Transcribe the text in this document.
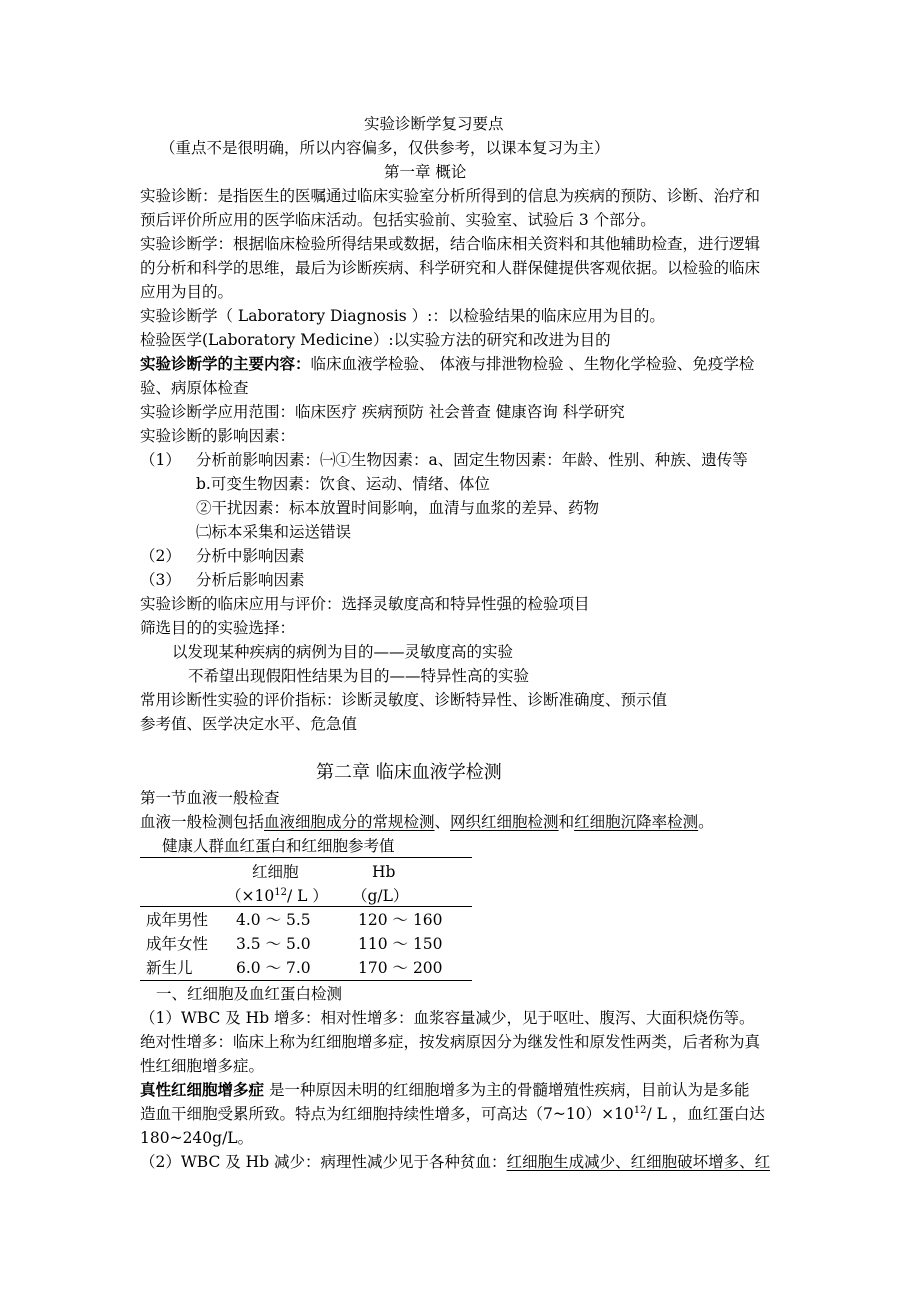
实验诊断学复习要点
（重点不是很明确，所以内容偏多，仅供参考，以课本复习为主）
第一章 概论
实验诊断：是指医生的医嘱通过临床实验室分析所得到的信息为疾病的预防、诊断、治疗和
预后评价所应用的医学临床活动。包括实验前、实验室、试验后 3 个部分。
实验诊断学：根据临床检验所得结果或数据，结合临床相关资料和其他辅助检查，进行逻辑
的分析和科学的思维，最后为诊断疾病、科学研究和人群保健提供客观依据。以检验的临床
应用为目的。
实验诊断学（ Laboratory Diagnosis ）:：以检验结果的临床应用为目的。
检验医学(Laboratory Medicine）:以实验方法的研究和改进为目的
实验诊断学的主要内容：临床血液学检验、 体液与排泄物检验 、生物化学检验、免疫学检
验、病原体检查
实验诊断学应用范围：临床医疗 疾病预防 社会普查 健康咨询 科学研究
实验诊断的影响因素：
（1） 分析前影响因素：㈠①生物因素：a、固定生物因素：年龄、性别、种族、遗传等
b.可变生物因素：饮食、运动、情绪、体位
②干扰因素：标本放置时间影响，血清与血浆的差异、药物
㈡标本采集和运送错误
（2） 分析中影响因素
（3） 分析后影响因素
实验诊断的临床应用与评价：选择灵敏度高和特异性强的检验项目
筛选目的的实验选择：
以发现某种疾病的病例为目的——灵敏度高的实验
不希望出现假阳性结果为目的——特异性高的实验
常用诊断性实验的评价指标：诊断灵敏度、诊断特异性、诊断准确度、预示值
参考值、医学决定水平、危急值
第二章 临床血液学检测
第一节血液一般检查
血液一般检测包括血液细胞成分的常规检测、网织红细胞检测和红细胞沉降率检测。
健康人群血红蛋白和红细胞参考值
红细胞	Hb
（$\times 10^{12}/$ L ） （g/L）
成年男性 4.0 ～ 5.5	120 ～ 160
成年女性 3.5 ～ 5.0	110 ～ 150
新生儿	6.0 ～ 7.0	170 ～ 200
一、红细胞及血红蛋白检测
（1）WBC 及 Hb 增多：相对性增多：血浆容量减少，见于呕吐、腹泻、大面积烧伤等。
绝对性增多：临床上称为红细胞增多症，按发病原因分为继发性和原发性两类，后者称为真
性红细胞增多症。
真性红细胞增多症 是一种原因未明的红细胞增多为主的骨髓增殖性疾病，目前认为是多能
造血干细胞受累所致。特点为红细胞持续性增多，可高达$(7\sim 10)\times 10^{12}/$ L ，血红蛋白达
180~240g/L。
（2）WBC 及 Hb 减少：病理性减少见于各种贫血：红细胞生成减少、红细胞破坏增多、红
